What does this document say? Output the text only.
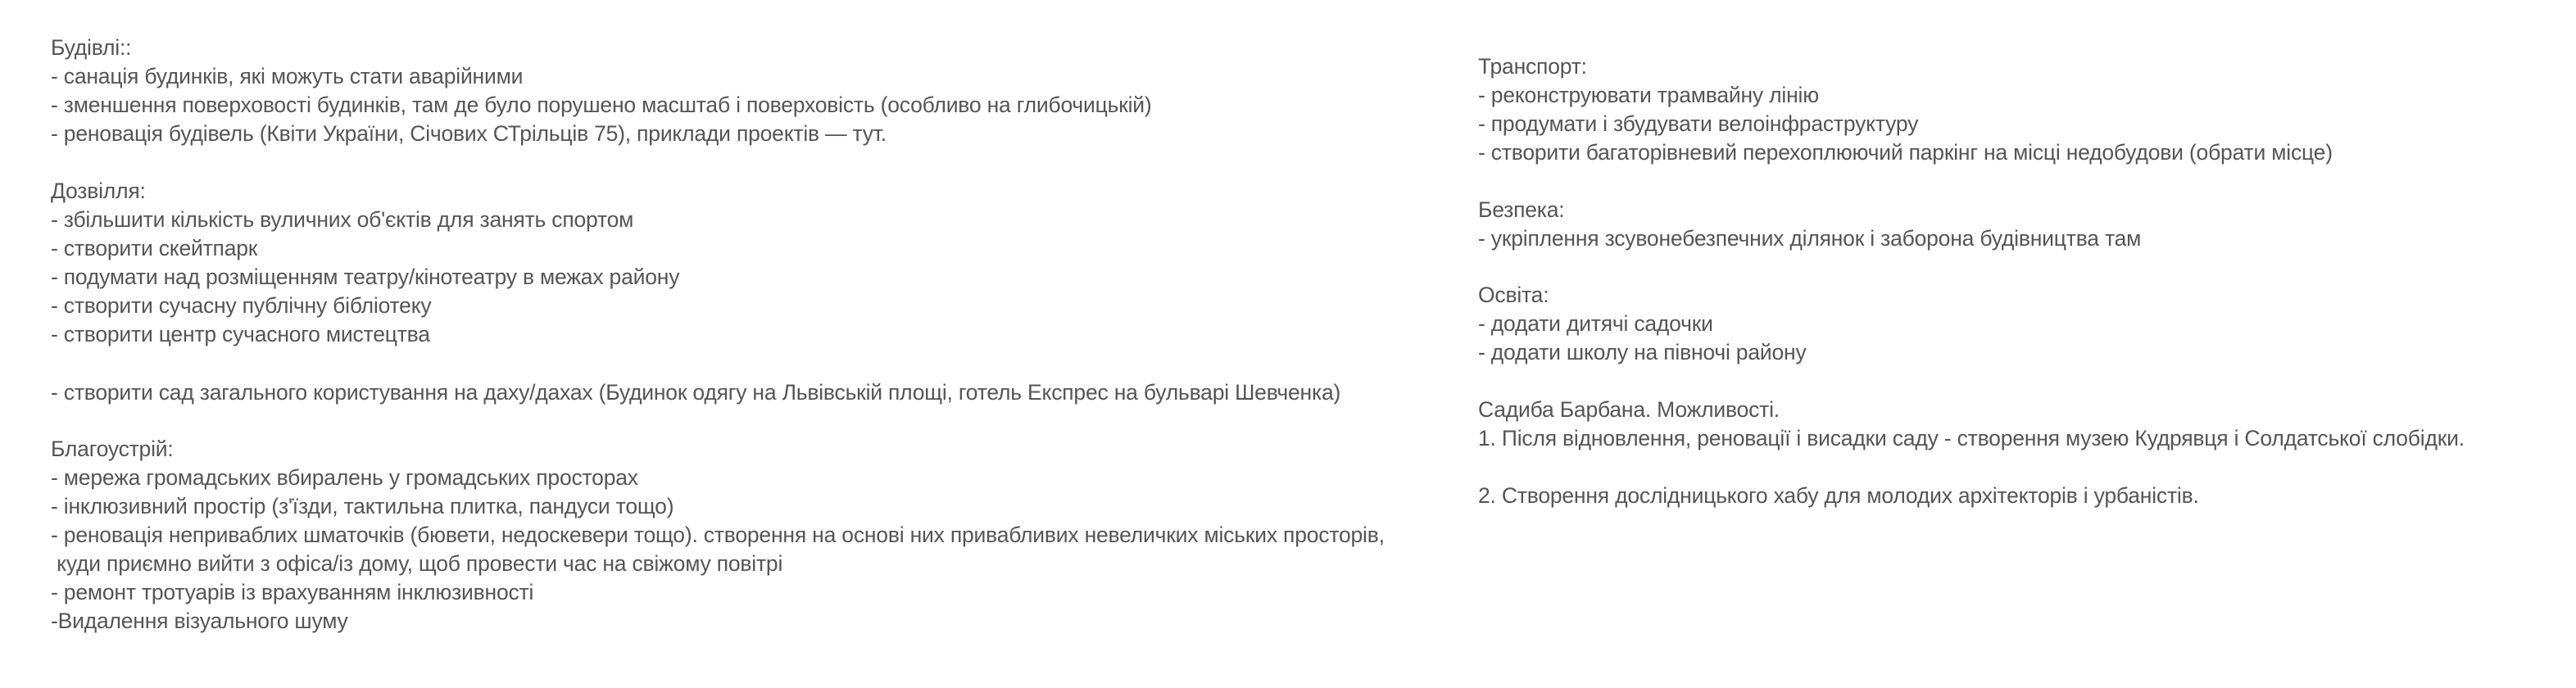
Будівлі::
- санація будинків, які можуть стати аварійними
- зменшення поверховості будинків, там де було порушено масштаб і поверховість (особливо на глибочицькій)
- реновація будівель (Квіти України, Січових СТрільців 75), приклади проектів — тут.
Дозвілля:
- збільшити кількість вуличних об'єктів для занять спортом
- створити скейтпарк
- подумати над розміщенням театру/кінотеатру в межах району
- створити сучасну публічну бібліотеку
- створити центр сучасного мистецтва
- створити сад загального користування на даху/дахах (Будинок одягу на Львівській площі, готель Експрес на бульварі Шевченка)
Благоустрій:
- мережа громадських вбиралень у громадських просторах
- інклюзивний простір (з'їзди, тактильна плитка, пандуси тощо)
- реновація неприваблих шматочків (бювети, недоскевери тощо). створення на основі них привабливих невеличких міських просторів,
куди приємно вийти з офіса/із дому, щоб провести час на свіжому повітрі
- ремонт тротуарів із врахуванням інклюзивності
-Видалення візуального шуму
Транспорт:
- реконструювати трамвайну лінію
- продумати і збудувати велоінфраструктуру
- створити багаторівневий перехоплюючий паркінг на місці недобудови (обрати місце)
Безпека:
- укріплення зсувонебезпечних ділянок і заборона будівництва там
Освіта:
- додати дитячі садочки
- додати школу на півночі району
Садиба Барбана. Можливості.
1. Після відновлення, реновації і висадки саду - створення музею Кудрявця і Солдатської слобідки.
2. Створення дослідницького хабу для молодих архітекторів і урбаністів.
